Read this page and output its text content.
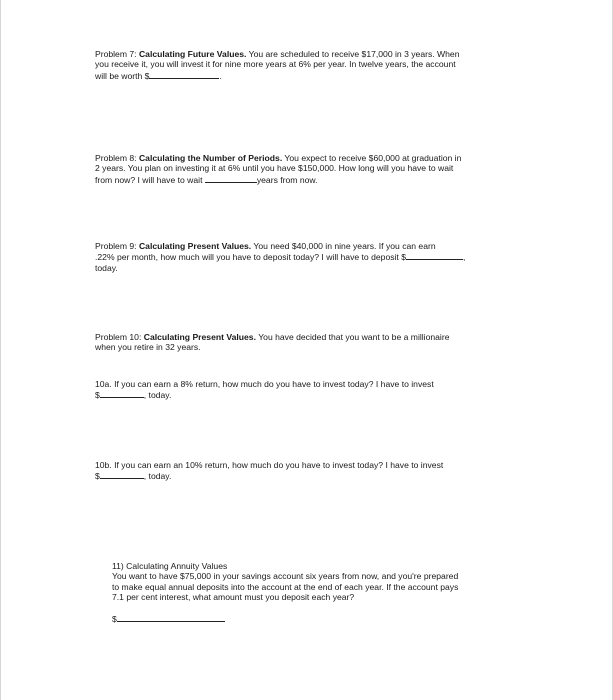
Problem 7: Calculating Future Values. You are scheduled to receive $17,000 in 3 years. When

you receive it, you will invest it for nine more years at 6% per year. In twelve years, the account

will be worth $	.

Problem 8: Calculating the Number of Periods. You expect to receive $60,000 at graduation in

2 years. You plan on investing it at 6% until you have $150,000. How long will you have to wait

from now? I will have to wait	years from now.

Problem 9: Calculating Present Values. You need $40,000 in nine years. If you can earn

.22% per month, how much will you have to deposit today? I will have to deposit $	,

today.

Problem 10: Calculating Present Values. You have decided that you want to be a millionaire

when you retire in 32 years.

10a. If you can earn a 8% return, how much do you have to invest today? I have to invest

$	, today.

10b. If you can earn an 10% return, how much do you have to invest today? I have to invest

$	, today.

11) Calculating Annuity Values

You want to have $75,000 in your savings account six years from now, and you're prepared

to make equal annual deposits into the account at the end of each year. If the account pays

7.1 per cent interest, what amount must you deposit each year?

$
